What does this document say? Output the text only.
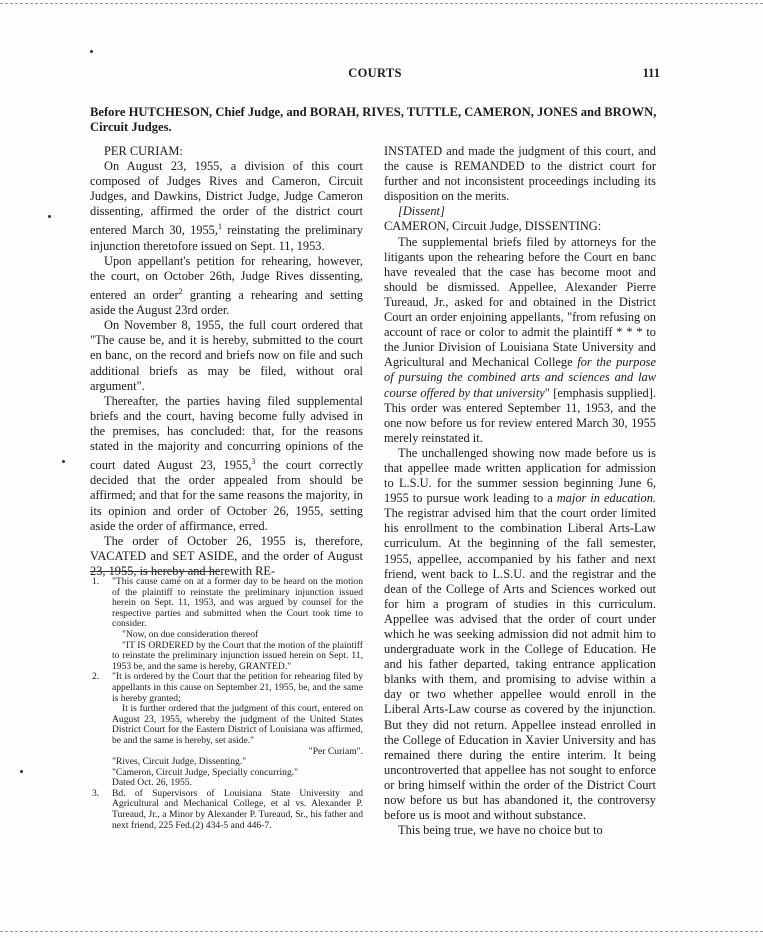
COURTS	111
Before HUTCHESON, Chief Judge, and BORAH, RIVES, TUTTLE, CAMERON, JONES and BROWN, Circuit Judges.

PER CURIAM:

On August 23, 1955, a division of this court composed of Judges Rives and Cameron, Circuit Judges, and Dawkins, District Judge, Judge Cameron dissenting, affirmed the order of the district court entered March 30, 1955,$^1$ reinstating the preliminary injunction theretofore issued on Sept. 11, 1953.

Upon appellant's petition for rehearing, however, the court, on October 26th, Judge Rives dissenting, entered an order$^2$ granting a rehearing and setting aside the August 23rd order.

On November 8, 1955, the full court ordered that "The cause be, and it is hereby, submitted to the court en banc, on the record and briefs now on file and such additional briefs as may be filed, without oral argument".

Thereafter, the parties having filed supplemental briefs and the court, having become fully advised in the premises, has concluded: that, for the reasons stated in the majority and concurring opinions of the court dated August 23, 1955,$^3$ the court correctly decided that the order appealed from should be affirmed; and that for the same reasons the majority, in its opinion and order of October 26, 1955, setting aside the order of affirmance, erred.

The order of October 26, 1955 is, therefore, VACATED and SET ASIDE, and the order of August 23, 1955, is hereby and herewith RE-

1. "This cause came on at a former day to be heard on the motion of the plaintiff to reinstate the preliminary injunction issued herein on Sept. 11, 1953, and was argued by counsel for the respective parties and submitted when the Court took time to consider.

"Now, on due consideration thereof

"IT IS ORDERED by the Court that the motion of the plaintiff to reinstate the preliminary injunction issued herein on Sept. 11, 1953 be, and the same is hereby, GRANTED."

2. "It is ordered by the Court that the petition for rehearing filed by appellants in this cause on September 21, 1955, be, and the same is hereby granted;

It is further ordered that the judgment of this court, entered on August 23, 1955, whereby the judgment of the United States District Court for the Eastern District of Louisiana was affirmed, be and the same is hereby, set aside."

"Per Curiam".

"Rives, Circuit Judge, Dissenting."

"Cameron, Circuit Judge, Specially concurring."

Dated Oct. 26, 1955.

3. Bd. of Supervisors of Louisiana State University and Agricultural and Mechanical College, et al vs. Alexander P. Tureaud, Jr., a Minor by Alexander P. Tureaud, Sr., his father and next friend, 225 Fed.(2) 434-5 and 446-7.

INSTATED and made the judgment of this court, and the cause is REMANDED to the district court for further and not inconsistent proceedings including its disposition on the merits.

[Dissent]

CAMERON, Circuit Judge, DISSENTING:

The supplemental briefs filed by attorneys for the litigants upon the rehearing before the Court en banc have revealed that the case has become moot and should be dismissed. Appellee, Alexander Pierre Tureaud, Jr., asked for and obtained in the District Court an order enjoining appellants, "from refusing on account of race or color to admit the plaintiff * * * to the Junior Division of Louisiana State University and Agricultural and Mechanical College for the purpose of pursuing the combined arts and sciences and law course offered by that university" [emphasis supplied]. This order was entered September 11, 1953, and the one now before us for review entered March 30, 1955 merely reinstated it.

The unchallenged showing now made before us is that appellee made written application for admission to L.S.U. for the summer session beginning June 6, 1955 to pursue work leading to a major in education. The registrar advised him that the court order limited his enrollment to the combination Liberal Arts-Law curriculum. At the beginning of the fall semester, 1955, appellee, accompanied by his father and next friend, went back to L.S.U. and the registrar and the dean of the College of Arts and Sciences worked out for him a program of studies in this curriculum. Appellee was advised that the order of court under which he was seeking admission did not admit him to undergraduate work in the College of Education. He and his father departed, taking entrance application blanks with them, and promising to advise within a day or two whether appellee would enroll in the Liberal Arts-Law course as covered by the injunction. But they did not return. Appellee instead enrolled in the College of Education in Xavier University and has remained there during the entire interim. It being uncontroverted that appellee has not sought to enforce or bring himself within the order of the District Court now before us but has abandoned it, the controversy before us is moot and without substance.

This being true, we have no choice but to
